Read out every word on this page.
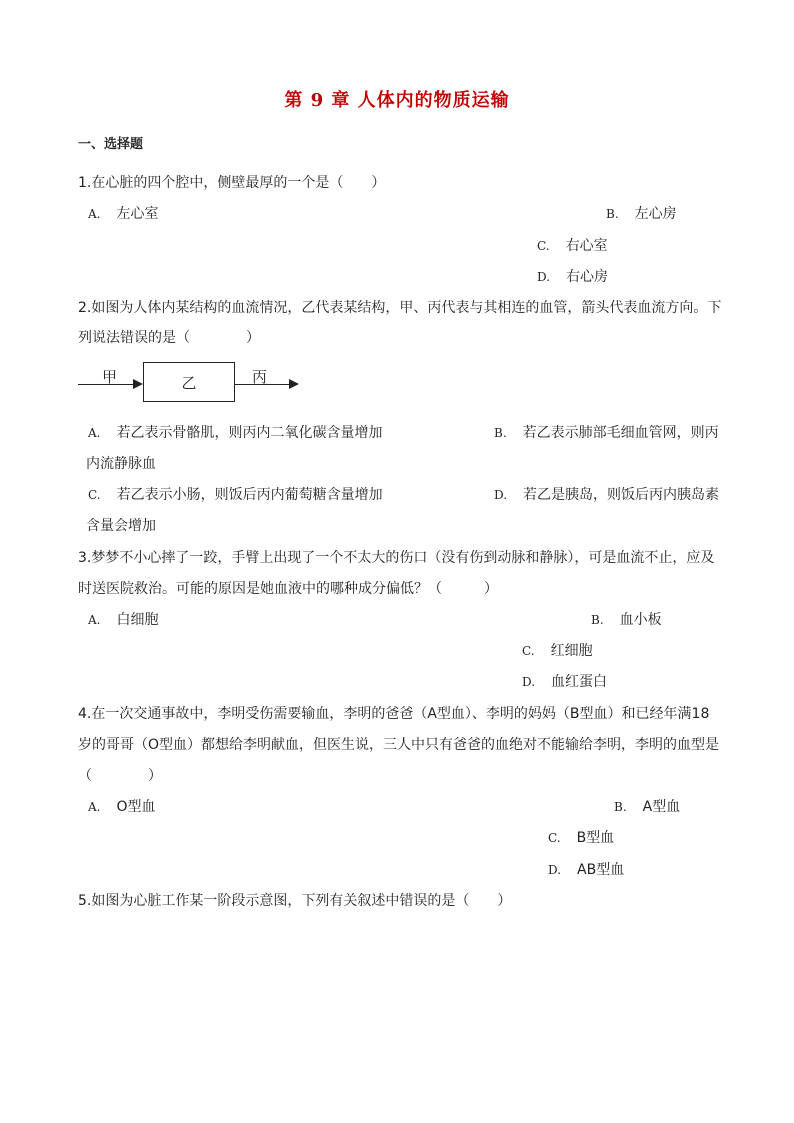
第 9 章 人体内的物质运输
一、选择题
1.在心脏的四个腔中，侧壁最厚的一个是（　　）
A. 左心室	B. 左心房
C. 右心室
D. 右心房
2.如图为人体内某结构的血流情况，乙代表某结构，甲、丙代表与其相连的血管，箭头代表血流方向。下
列说法错误的是（　　　　）
甲	乙	丙
A. 若乙表示骨骼肌，则丙内二氧化碳含量增加	B. 若乙表示肺部毛细血管网，则丙
内流静脉血
C. 若乙表示小肠，则饭后丙内葡萄糖含量增加	D. 若乙是胰岛，则饭后丙内胰岛素
含量会增加
3.梦梦不小心摔了一跤，手臂上出现了一个不太大的伤口（没有伤到动脉和静脉），可是血流不止，应及
时送医院救治。可能的原因是她血液中的哪种成分偏低？（　　　）
A. 白细胞	B. 血小板
C. 红细胞
D. 血红蛋白
4.在一次交通事故中，李明受伤需要输血，李明的爸爸（A型血）、李明的妈妈（B型血）和已经年满18
岁的哥哥（O型血）都想给李明献血，但医生说，三人中只有爸爸的血绝对不能输给李明，李明的血型是
（　　　　）
A. O型血	B. A型血
C. B型血
D. AB型血
5.如图为心脏工作某一阶段示意图，下列有关叙述中错误的是（　　）
